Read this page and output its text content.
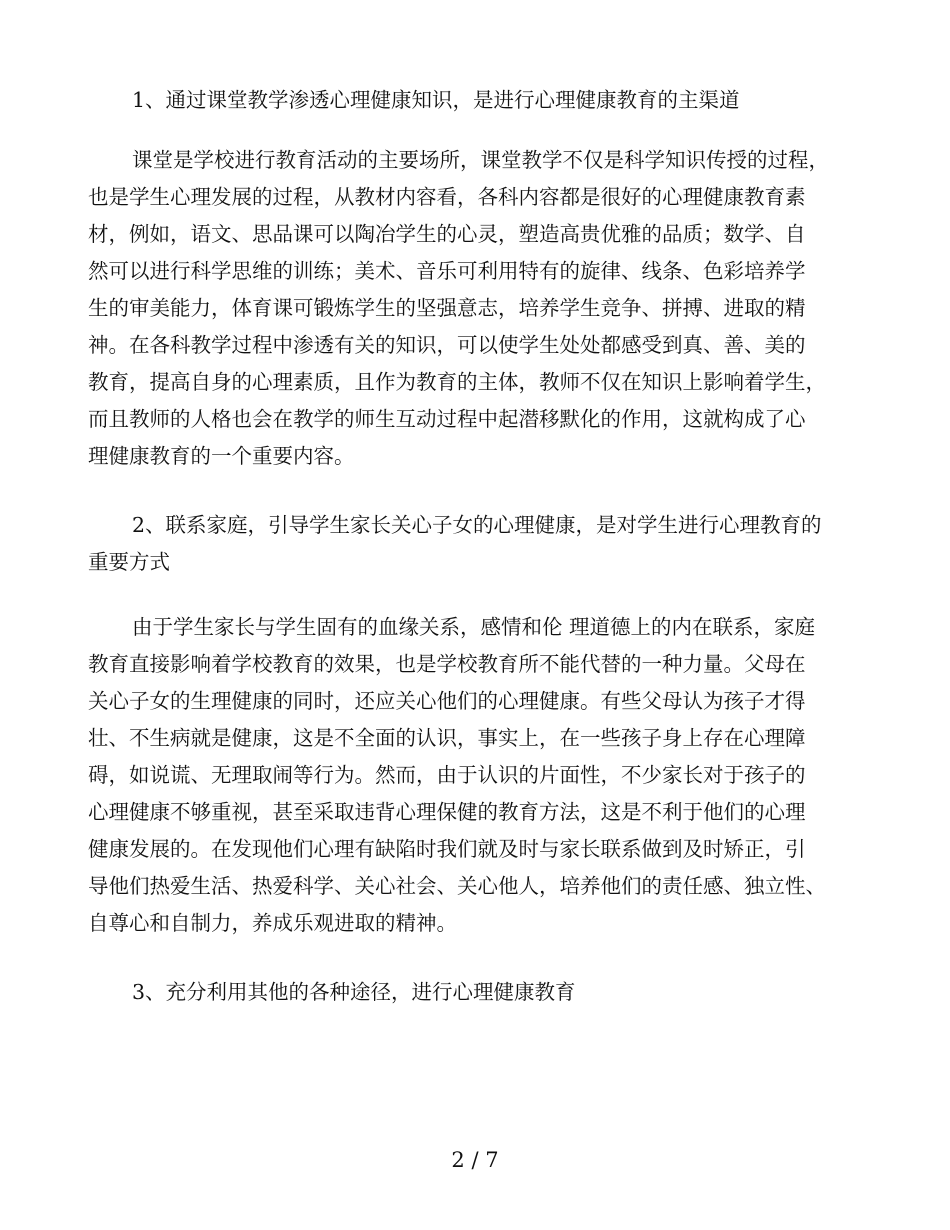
1、通过课堂教学渗透心理健康知识，是进行心理健康教育的主渠道
课堂是学校进行教育活动的主要场所，课堂教学不仅是科学知识传授的过程，
也是学生心理发展的过程，从教材内容看，各科内容都是很好的心理健康教育素
材，例如，语文、思品课可以陶冶学生的心灵，塑造高贵优雅的品质；数学、自
然可以进行科学思维的训练；美术、音乐可利用特有的旋律、线条、色彩培养学
生的审美能力，体育课可锻炼学生的坚强意志，培养学生竞争、拼搏、进取的精
神。在各科教学过程中渗透有关的知识，可以使学生处处都感受到真、善、美的
教育，提高自身的心理素质，且作为教育的主体，教师不仅在知识上影响着学生，
而且教师的人格也会在教学的师生互动过程中起潜移默化的作用，这就构成了心
理健康教育的一个重要内容。
2、联系家庭，引导学生家长关心子女的心理健康，是对学生进行心理教育的
重要方式
由于学生家长与学生固有的血缘关系，感情和伦 理道德上的内在联系，家庭
教育直接影响着学校教育的效果，也是学校教育所不能代替的一种力量。父母在
关心子女的生理健康的同时，还应关心他们的心理健康。有些父母认为孩子才得
壮、不生病就是健康，这是不全面的认识，事实上，在一些孩子身上存在心理障
碍，如说谎、无理取闹等行为。然而，由于认识的片面性，不少家长对于孩子的
心理健康不够重视，甚至采取违背心理保健的教育方法，这是不利于他们的心理
健康发展的。在发现他们心理有缺陷时我们就及时与家长联系做到及时矫正，引
导他们热爱生活、热爱科学、关心社会、关心他人，培养他们的责任感、独立性、
自尊心和自制力，养成乐观进取的精神。
3、充分利用其他的各种途径，进行心理健康教育
2 / 7
